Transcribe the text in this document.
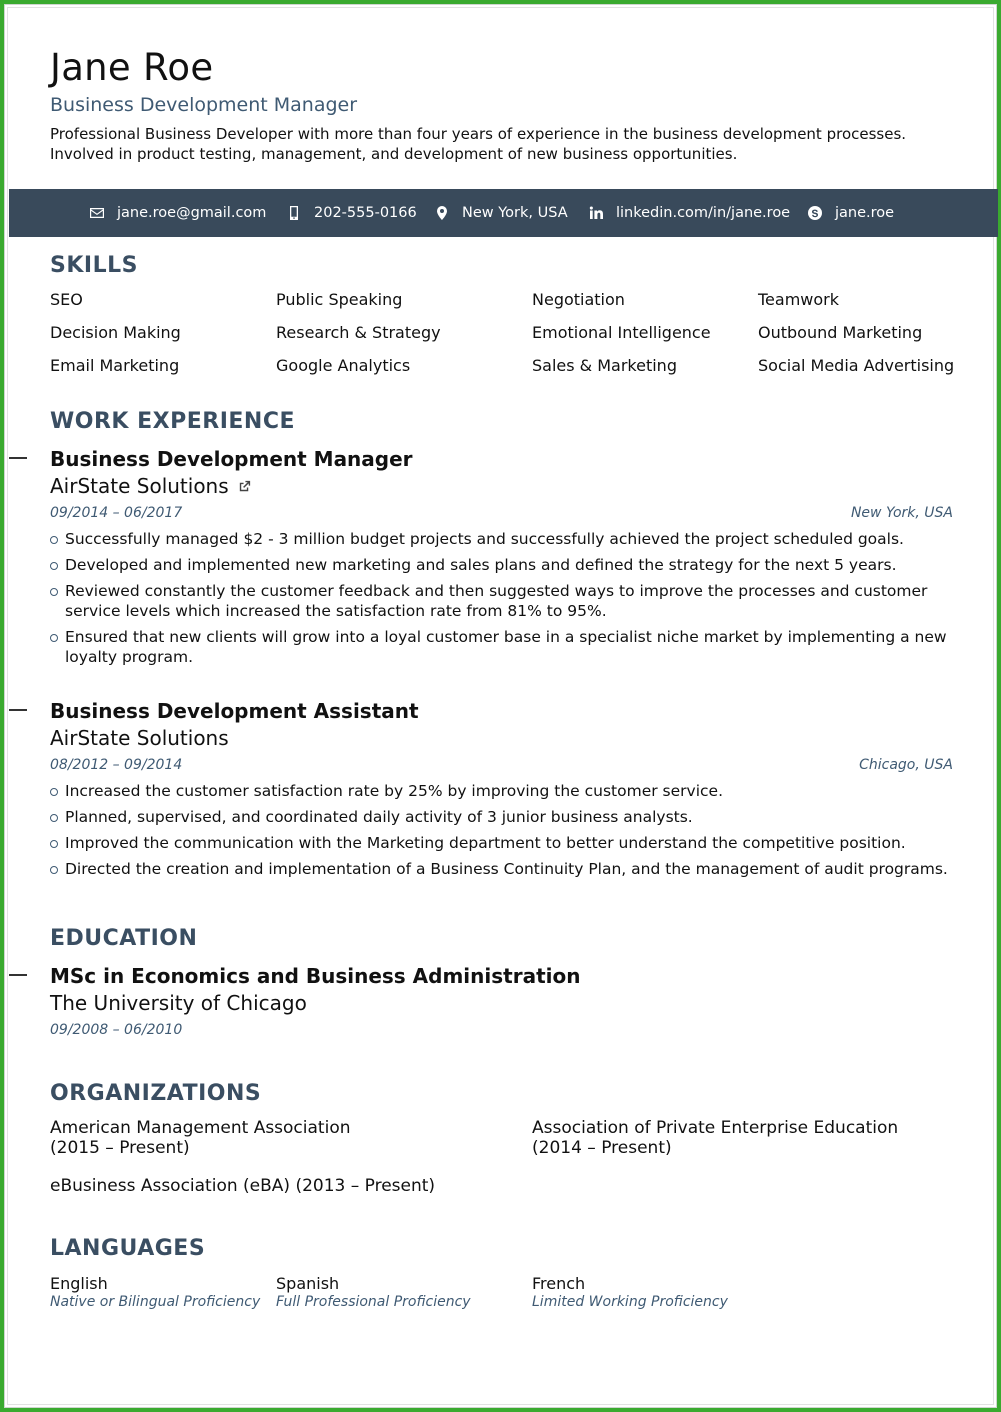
Jane Roe
Business Development Manager
Professional Business Developer with more than four years of experience in the business development processes. Involved in product testing, management, and development of new business opportunities.
jane.roe@gmail.com	202-555-0166	New York, USA	linkedin.com/in/jane.roe	jane.roe
SKILLS
SEO	Public Speaking	Negotiation	Teamwork
Decision Making	Research & Strategy	Emotional Intelligence	Outbound Marketing
Email Marketing	Google Analytics	Sales & Marketing	Social Media Advertising
WORK EXPERIENCE
Business Development Manager
AirState Solutions
09/2014 – 06/2017	New York, USA
Successfully managed $2 - 3 million budget projects and successfully achieved the project scheduled goals.
Developed and implemented new marketing and sales plans and defined the strategy for the next 5 years.
Reviewed constantly the customer feedback and then suggested ways to improve the processes and customer service levels which increased the satisfaction rate from 81% to 95%.
Ensured that new clients will grow into a loyal customer base in a specialist niche market by implementing a new loyalty program.
Business Development Assistant
AirState Solutions
08/2012 – 09/2014	Chicago, USA
Increased the customer satisfaction rate by 25% by improving the customer service.
Planned, supervised, and coordinated daily activity of 3 junior business analysts.
Improved the communication with the Marketing department to better understand the competitive position.
Directed the creation and implementation of a Business Continuity Plan, and the management of audit programs.
EDUCATION
MSc in Economics and Business Administration
The University of Chicago
09/2008 – 06/2010
ORGANIZATIONS
American Management Association
(2015 – Present)
Association of Private Enterprise Education
(2014 – Present)
eBusiness Association (eBA) (2013 – Present)
LANGUAGES
English
Native or Bilingual Proficiency
Spanish
Full Professional Proficiency
French
Limited Working Proficiency
